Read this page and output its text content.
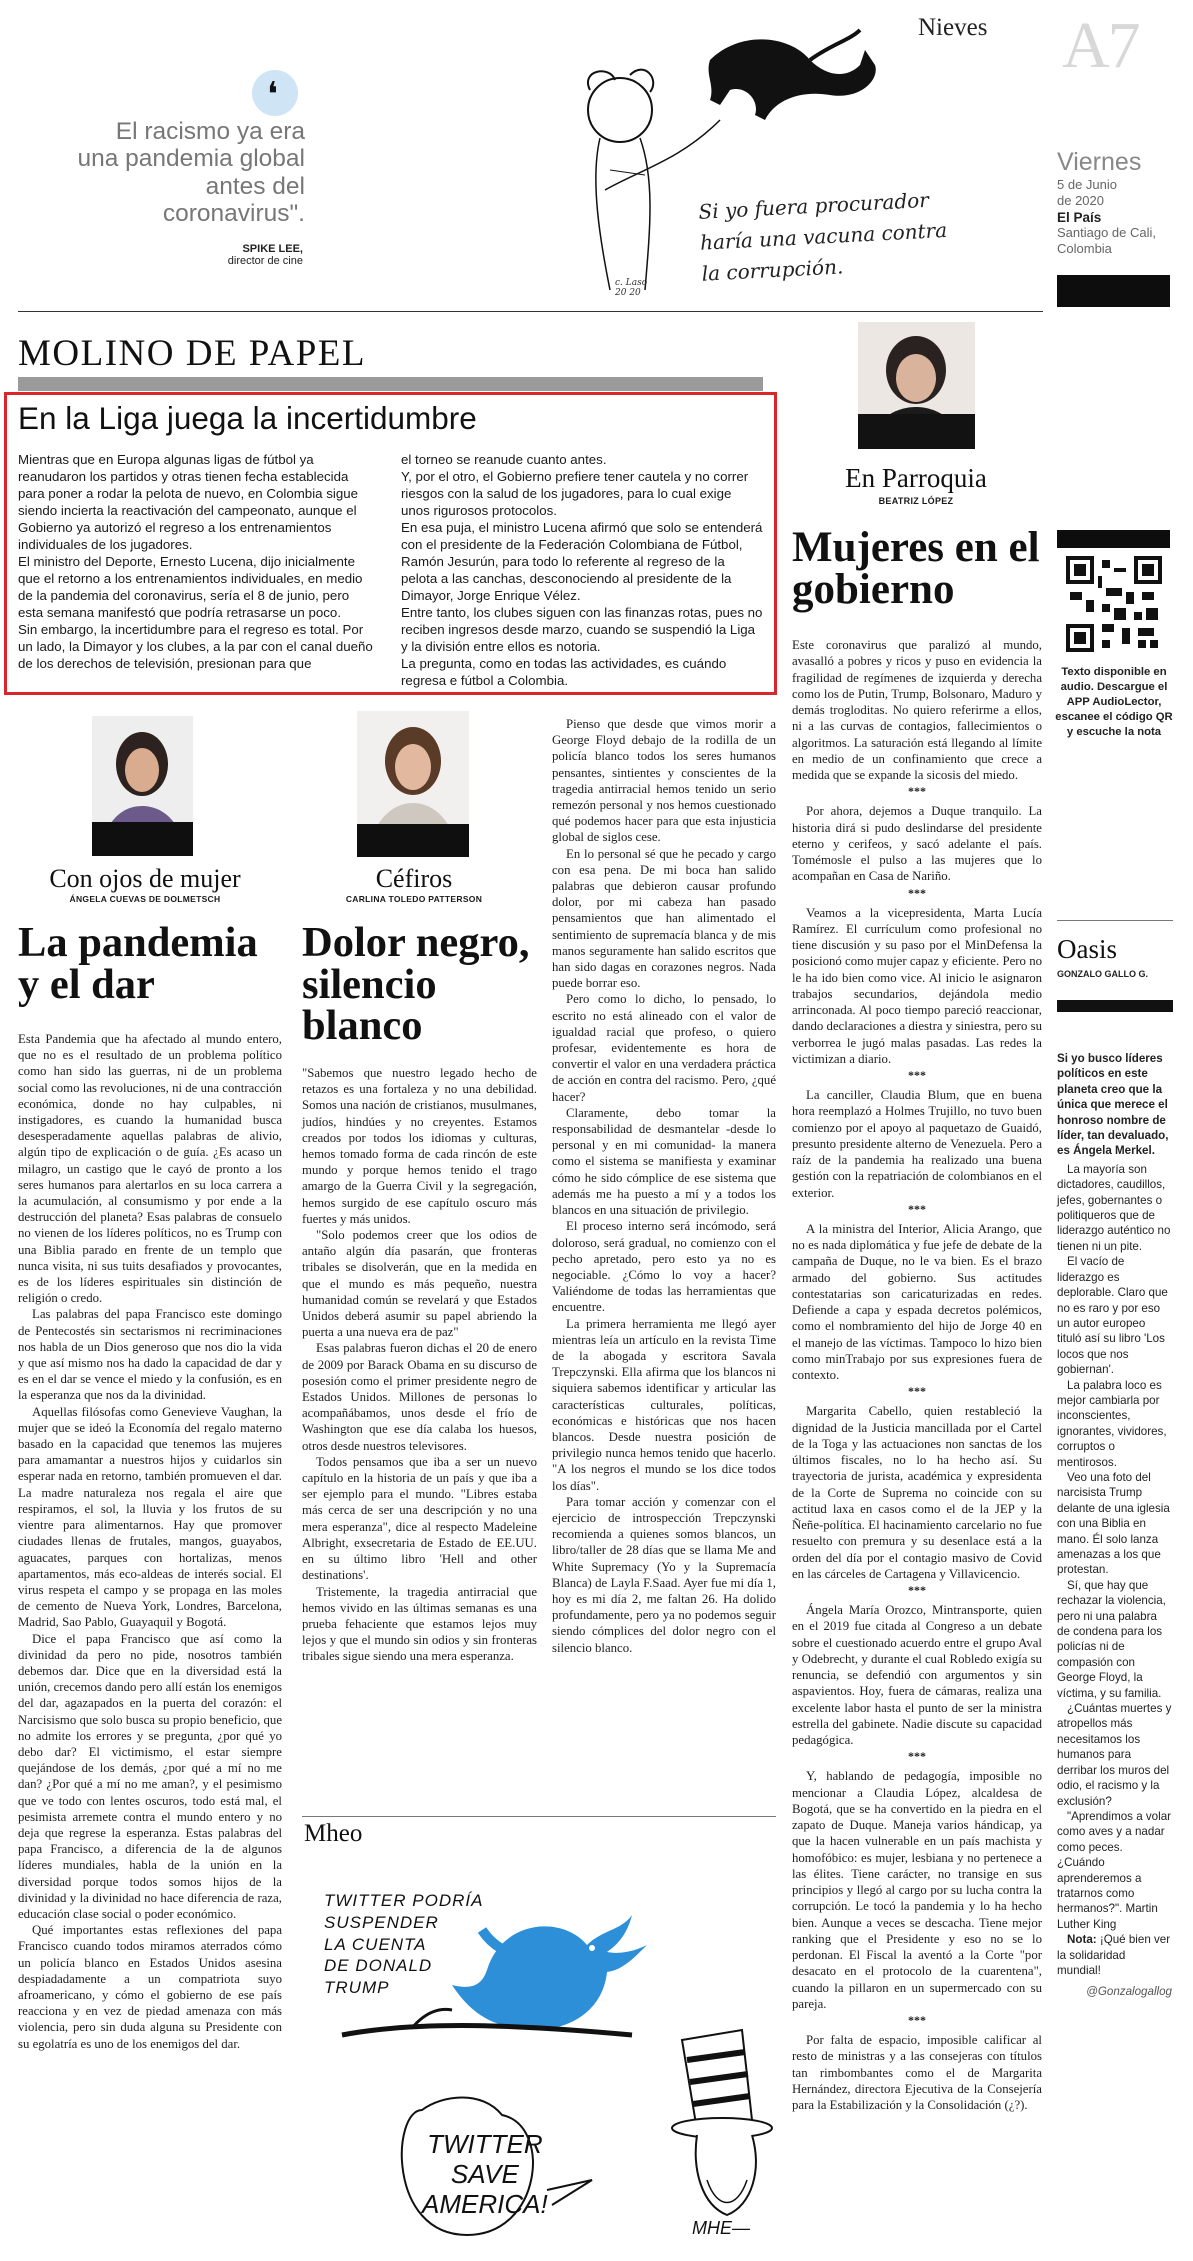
❛
El racismo ya era una pandemia global antes del coronavirus".
SPIKE LEE,
director de cine
Si yo fuera procurador haría una vacuna contra la corrupción.
c. Laso
20 20
Nieves A7
Viernes
5 de Junio
de 2020
El País
Santiago de Cali,
Colombia
MOLINO DE PAPEL
En la Liga juega la incertidumbre
Mientras que en Europa algunas ligas de fútbol ya reanudaron los partidos y otras tienen fecha establecida para poner a rodar la pelota de nuevo, en Colombia sigue siendo incierta la reactivación del campeonato, aunque el Gobierno ya autorizó el regreso a los entrenamientos individuales de los jugadores.
El ministro del Deporte, Ernesto Lucena, dijo inicialmente que el retorno a los entrenamientos individuales, en medio de la pandemia del coronavirus, sería el 8 de junio, pero esta semana manifestó que podría retrasarse un poco.
Sin embargo, la incertidumbre para el regreso es total. Por un lado, la Dimayor y los clubes, a la par con el canal dueño de los derechos de televisión, presionan para que
el torneo se reanude cuanto antes.
Y, por el otro, el Gobierno prefiere tener cautela y no correr riesgos con la salud de los jugadores, para lo cual exige unos rigurosos protocolos.
En esa puja, el ministro Lucena afirmó que solo se entenderá con el presidente de la Federación Colombiana de Fútbol, Ramón Jesurún, para todo lo referente al regreso de la pelota a las canchas, desconociendo al presidente de la Dimayor, Jorge Enrique Vélez.
Entre tanto, los clubes siguen con las finanzas rotas, pues no reciben ingresos desde marzo, cuando se suspendió la Liga y la división entre ellos es notoria.
La pregunta, como en todas las actividades, es cuándo regresa e fútbol a Colombia.
En Parroquia
BEATRIZ LÓPEZ
Mujeres en el gobierno

Este coronavirus que paralizó al mundo, avasalló a pobres y ricos y puso en evidencia la fragilidad de regímenes de izquierda y derecha como los de Putin, Trump, Bolsonaro, Maduro y demás trogloditas. No quiero referirme a ellos, ni a las curvas de contagios, fallecimientos o algoritmos. La saturación está llegando al límite en medio de un confinamiento que crece a medida que se expande la sicosis del miedo.

***

Por ahora, dejemos a Duque tranquilo. La historia dirá si pudo deslindarse del presidente eterno y cerifeos, y sacó adelante el país. Tomémosle el pulso a las mujeres que lo acompañan en Casa de Nariño.

***

Veamos a la vicepresidenta, Marta Lucía Ramírez. El currículum como profesional no tiene discusión y su paso por el MinDefensa la posicionó como mujer capaz y eficiente. Pero no le ha ido bien como vice. Al inicio le asignaron trabajos secundarios, dejándola medio arrinconada. Al poco tiempo pareció reaccionar, dando declaraciones a diestra y siniestra, pero su verborrea le jugó malas pasadas. Las redes la victimizan a diario.

***

La canciller, Claudia Blum, que en buena hora reemplazó a Holmes Trujillo, no tuvo buen comienzo por el apoyo al paquetazo de Guaidó, presunto presidente alterno de Venezuela. Pero a raíz de la pandemia ha realizado una buena gestión con la repatriación de colombianos en el exterior.

***

A la ministra del Interior, Alicia Arango, que no es nada diplomática y fue jefe de debate de la campaña de Duque, no le va bien. Es el brazo armado del gobierno. Sus actitudes contestatarias son caricaturizadas en redes. Defiende a capa y espada decretos polémicos, como el nombramiento del hijo de Jorge 40 en el manejo de las víctimas. Tampoco lo hizo bien como minTrabajo por sus expresiones fuera de contexto.

***

Margarita Cabello, quien restableció la dignidad de la Justicia mancillada por el Cartel de la Toga y las actuaciones non sanctas de los últimos fiscales, no lo ha hecho así. Su trayectoria de jurista, académica y expresidenta de la Corte de Suprema no coincide con su actitud laxa en casos como el de la JEP y la Ñeñe-política. El hacinamiento carcelario no fue resuelto con premura y su desenlace está a la orden del día por el contagio masivo de Covid en las cárceles de Cartagena y Villavicencio.

***

Ángela María Orozco, Mintransporte, quien en el 2019 fue citada al Congreso a un debate sobre el cuestionado acuerdo entre el grupo Aval y Odebrecht, y durante el cual Robledo exigía su renuncia, se defendió con argumentos y sin aspavientos. Hoy, fuera de cámaras, realiza una excelente labor hasta el punto de ser la ministra estrella del gabinete. Nadie discute su capacidad pedagógica.

***

Y, hablando de pedagogía, imposible no mencionar a Claudia López, alcaldesa de Bogotá, que se ha convertido en la piedra en el zapato de Duque. Maneja varios hándicap, ya que la hacen vulnerable en un país machista y homofóbico: es mujer, lesbiana y no pertenece a las élites. Tiene carácter, no transige en sus principios y llegó al cargo por su lucha contra la corrupción. Le tocó la pandemia y lo ha hecho bien. Aunque a veces se descacha. Tiene mejor ranking que el Presidente y eso no se lo perdonan. El Fiscal la aventó a la Corte "por desacato en el protocolo de la cuarentena", cuando la pillaron en un supermercado con su pareja.

***

Por falta de espacio, imposible calificar al resto de ministras y a las consejeras con títulos tan rimbombantes como el de Margarita Hernández, directora Ejecutiva de la Consejería para la Estabilización y la Consolidación (¿?).

Texto disponible en audio. Descargue el APP AudioLector, escanee el código QR y escuche la nota
Oasis
GONZALO GALLO G.
Si yo busco líderes políticos en este planeta creo que la única que merece el honroso nombre de líder, tan devaluado, es Ángela Merkel.
La mayoría son dictadores, caudillos, jefes, gobernantes o politiqueros que de liderazgo auténtico no tienen ni un pite.
El vacío de liderazgo es deplorable. Claro que no es raro y por eso un autor europeo tituló así su libro 'Los locos que nos gobiernan'.
La palabra loco es mejor cambiarla por inconscientes, ignorantes, vividores, corruptos o mentirosos.
Veo una foto del narcisista Trump delante de una iglesia con una Biblia en mano. Él solo lanza amenazas a los que protestan.
Sí, que hay que rechazar la violencia, pero ni una palabra de condena para los policías ni de compasión con George Floyd, la víctima, y su familia.
¿Cuántas muertes y atropellos más necesitamos los humanos para derribar los muros del odio, el racismo y la exclusión?
"Aprendimos a volar como aves y a nadar como peces. ¿Cuándo aprenderemos a tratarnos como hermanos?". Martin Luther King
Nota: ¡Qué bien ver la solidaridad mundial!
@Gonzalogallog
Con ojos de mujer
ÁNGELA CUEVAS DE DOLMETSCH
La pandemia y el dar

Esta Pandemia que ha afectado al mundo entero, que no es el resultado de un problema político como han sido las guerras, ni de un problema social como las revoluciones, ni de una contracción económica, donde no hay culpables, ni instigadores, es cuando la humanidad busca desesperadamente aquellas palabras de alivio, algún tipo de explicación o de guía. ¿Es acaso un milagro, un castigo que le cayó de pronto a los seres humanos para alertarlos en su loca carrera a la acumulación, al consumismo y por ende a la destrucción del planeta? Esas palabras de consuelo no vienen de los líderes políticos, no es Trump con una Biblia parado en frente de un templo que nunca visita, ni sus tuits desafiados y provocantes, es de los líderes espirituales sin distinción de religión o credo.

Las palabras del papa Francisco este domingo de Pentecostés sin sectarismos ni recriminaciones nos habla de un Dios generoso que nos dio la vida y que así mismo nos ha dado la capacidad de dar y es en el dar se vence el miedo y la confusión, es en la esperanza que nos da la divinidad.

Aquellas filósofas como Genevieve Vaughan, la mujer que se ideó la Economía del regalo materno basado en la capacidad que tenemos las mujeres para amamantar a nuestros hijos y cuidarlos sin esperar nada en retorno, también promueven el dar. La madre naturaleza nos regala el aire que respiramos, el sol, la lluvia y los frutos de su vientre para alimentarnos. Hay que promover ciudades llenas de frutales, mangos, guayabos, aguacates, parques con hortalizas, menos apartamentos, más eco-aldeas de interés social. El virus respeta el campo y se propaga en las moles de cemento de Nueva York, Londres, Barcelona, Madrid, Sao Pablo, Guayaquil y Bogotá.

Dice el papa Francisco que así como la divinidad da pero no pide, nosotros también debemos dar. Dice que en la diversidad está la unión, crecemos dando pero allí están los enemigos del dar, agazapados en la puerta del corazón: el Narcisismo que solo busca su propio beneficio, que no admite los errores y se pregunta, ¿por qué yo debo dar? El victimismo, el estar siempre quejándose de los demás, ¿por qué a mí no me dan? ¿Por qué a mí no me aman?, y el pesimismo que ve todo con lentes oscuros, todo está mal, el pesimista arremete contra el mundo entero y no deja que regrese la esperanza. Estas palabras del papa Francisco, a diferencia de la de algunos líderes mundiales, habla de la unión en la diversidad porque todos somos hijos de la divinidad y la divinidad no hace diferencia de raza, educación clase social o poder económico.

Qué importantes estas reflexiones del papa Francisco cuando todos miramos aterrados cómo un policía blanco en Estados Unidos asesina despiadadamente a un compatriota suyo afroamericano, y cómo el gobierno de ese país reacciona y en vez de piedad amenaza con más violencia, pero sin duda alguna su Presidente con su egolatría es uno de los enemigos del dar.

Céfiros
CARLINA TOLEDO PATTERSON
Dolor negro, silencio blanco

"Sabemos que nuestro legado hecho de retazos es una fortaleza y no una debilidad. Somos una nación de cristianos, musulmanes, judíos, hindúes y no creyentes. Estamos creados por todos los idiomas y culturas, hemos tomado forma de cada rincón de este mundo y porque hemos tenido el trago amargo de la Guerra Civil y la segregación, hemos surgido de ese capítulo oscuro más fuertes y más unidos.

"Solo podemos creer que los odios de antaño algún día pasarán, que fronteras tribales se disolverán, que en la medida en que el mundo es más pequeño, nuestra humanidad común se revelará y que Estados Unidos deberá asumir su papel abriendo la puerta a una nueva era de paz"

Esas palabras fueron dichas el 20 de enero de 2009 por Barack Obama en su discurso de posesión como el primer presidente negro de Estados Unidos. Millones de personas lo acompañábamos, unos desde el frío de Washington que ese día calaba los huesos, otros desde nuestros televisores.

Todos pensamos que iba a ser un nuevo capítulo en la historia de un país y que iba a ser ejemplo para el mundo. "Libres estaba más cerca de ser una descripción y no una mera esperanza", dice al respecto Madeleine Albright, exsecretaria de Estado de EE.UU. en su último libro 'Hell and other destinations'.

Tristemente, la tragedia antirracial que hemos vivido en las últimas semanas es una prueba fehaciente que estamos lejos muy lejos y que el mundo sin odios y sin fronteras tribales sigue siendo una mera esperanza.

Pienso que desde que vimos morir a George Floyd debajo de la rodilla de un policía blanco todos los seres humanos pensantes, sintientes y conscientes de la tragedia antirracial hemos tenido un serio remezón personal y nos hemos cuestionado qué podemos hacer para que esta injusticia global de siglos cese.

En lo personal sé que he pecado y cargo con esa pena. De mi boca han salido palabras que debieron causar profundo dolor, por mi cabeza han pasado pensamientos que han alimentado el sentimiento de supremacía blanca y de mis manos seguramente han salido escritos que han sido dagas en corazones negros. Nada puede borrar eso.

Pero como lo dicho, lo pensado, lo escrito no está alineado con el valor de igualdad racial que profeso, o quiero profesar, evidentemente es hora de convertir el valor en una verdadera práctica de acción en contra del racismo. Pero, ¿qué hacer?

Claramente, debo tomar la responsabilidad de desmantelar -desde lo personal y en mi comunidad- la manera como el sistema se manifiesta y examinar cómo he sido cómplice de ese sistema que además me ha puesto a mí y a todos los blancos en una situación de privilegio.

El proceso interno será incómodo, será doloroso, será gradual, no comienzo con el pecho apretado, pero esto ya no es negociable. ¿Cómo lo voy a hacer? Valiéndome de todas las herramientas que encuentre.

La primera herramienta me llegó ayer mientras leía un artículo en la revista Time de la abogada y escritora Savala Trepczynski. Ella afirma que los blancos ni siquiera sabemos identificar y articular las características culturales, políticas, económicas e históricas que nos hacen blancos. Desde nuestra posición de privilegio nunca hemos tenido que hacerlo. "A los negros el mundo se los dice todos los días".

Para tomar acción y comenzar con el ejercicio de introspección Trepczynski recomienda a quienes somos blancos, un libro/taller de 28 días que se llama Me and White Supremacy (Yo y la Supremacía Blanca) de Layla F.Saad. Ayer fue mi día 1, hoy es mi día 2, me faltan 26. Ha dolido profundamente, pero ya no podemos seguir siendo cómplices del dolor negro con el silencio blanco.

Mheo
TWITTER PODRÍA
SUSPENDER
LA CUENTA
DE DONALD
TRUMP
TWITTER
SAVE
AMERICA!
MHE—
